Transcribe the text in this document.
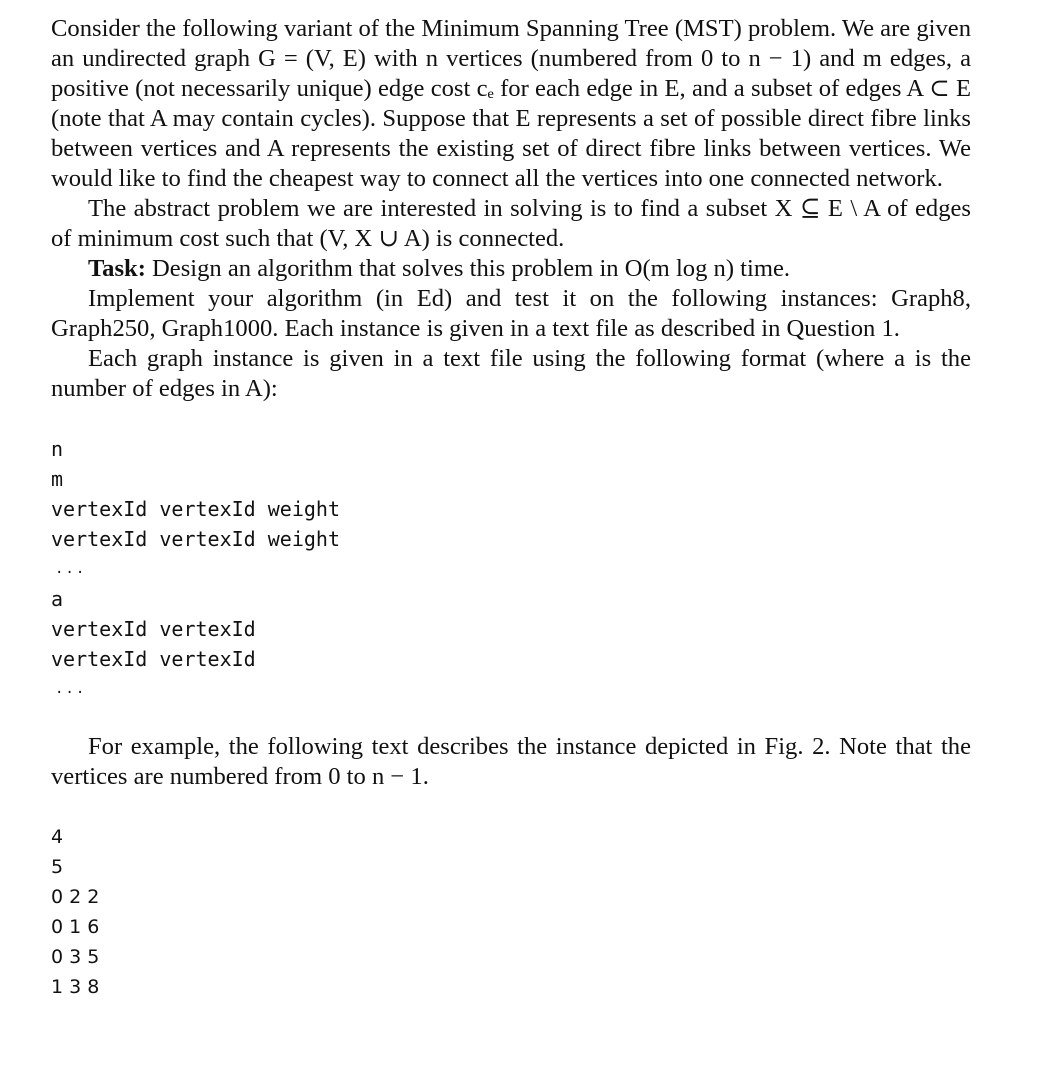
Consider the following variant of the Minimum Spanning Tree (MST) problem. We are given an undirected graph G = (V, E) with n vertices (numbered from 0 to n − 1) and m edges, a positive (not necessarily unique) edge cost cₑ for each edge in E, and a subset of edges A ⊂ E (note that A may contain cycles). Suppose that E represents a set of possible direct fibre links between vertices and A represents the existing set of direct fibre links between vertices. We would like to find the cheapest way to connect all the vertices into one connected network.

The abstract problem we are interested in solving is to find a subset X ⊆ E \ A of edges of minimum cost such that (V, X ∪ A) is connected.

Task: Design an algorithm that solves this problem in O(m log n) time.

Implement your algorithm (in Ed) and test it on the following instances: Graph8, Graph250, Graph1000. Each instance is given in a text file as described in Question 1.

Each graph instance is given in a text file using the following format (where a is the number of edges in A):

n

m

vertexId vertexId weight

vertexId vertexId weight

...

a

vertexId vertexId

vertexId vertexId

...

For example, the following text describes the instance depicted in Fig. 2. Note that the vertices are numbered from 0 to n − 1.

4

5

0 2 2

0 1 6

0 3 5

1 3 8
